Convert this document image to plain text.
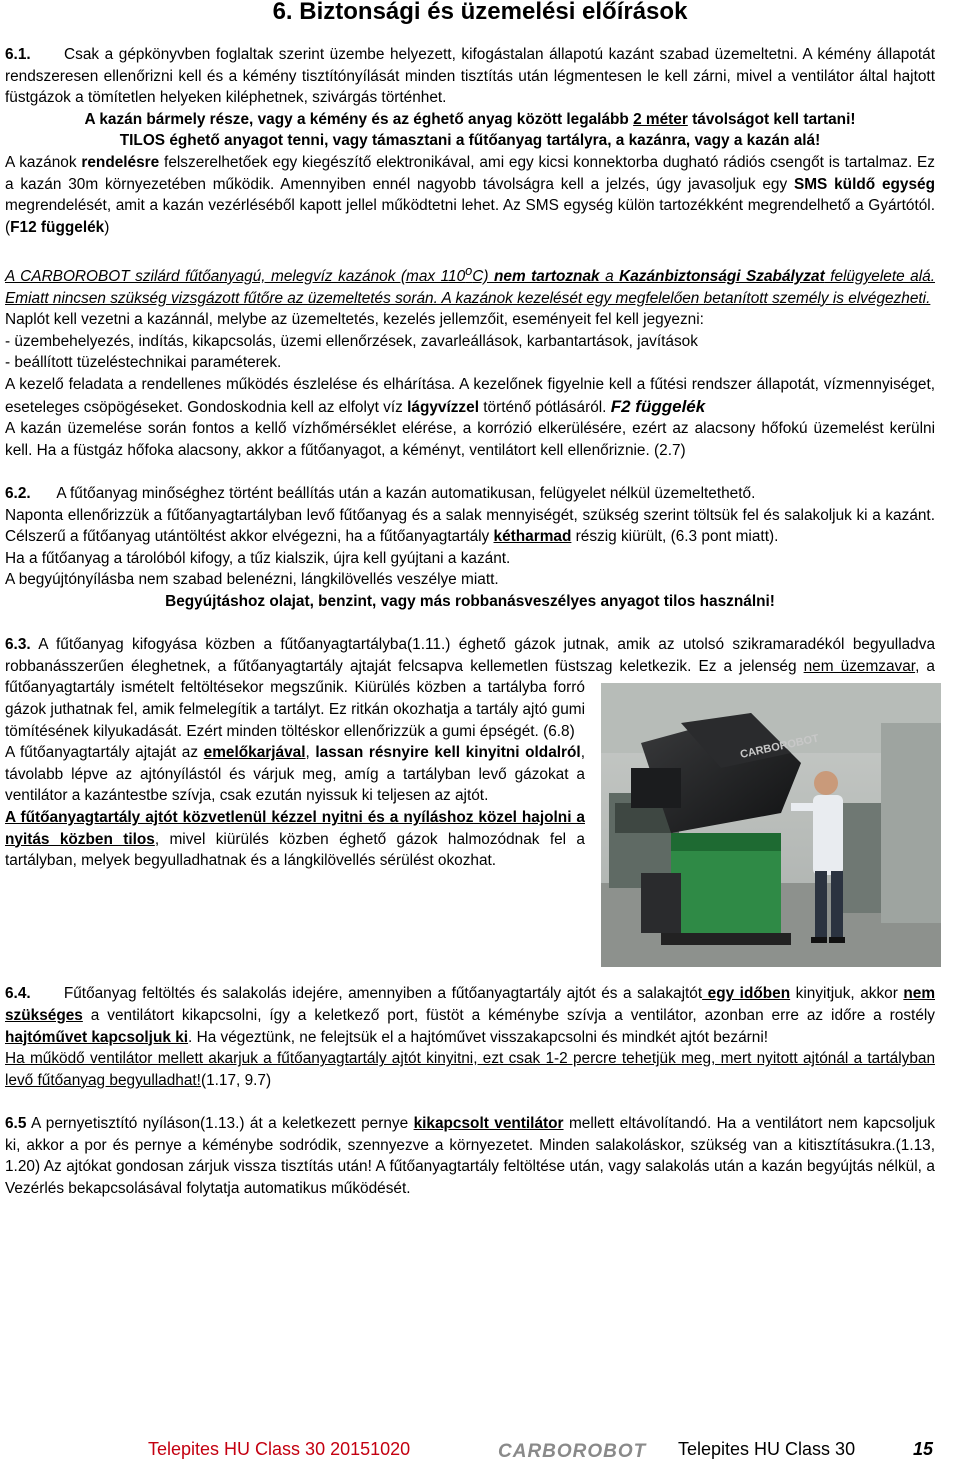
6. Biztonsági és üzemelési előírások

6.1. Csak a gépkönyvben foglaltak szerint üzembe helyezett, kifogástalan állapotú kazánt szabad üzemeltetni. A kémény állapotát rendszeresen ellenőrizni kell és a kémény tisztítónyílását minden tisztítás után légmentesen le kell zárni, mivel a ventilátor által hajtott füstgázok a tömítetlen helyeken kiléphetnek, szivárgás történhet.

A kazán bármely része, vagy a kémény és az éghető anyag között legalább 2 méter távolságot kell tartani!

TILOS éghető anyagot tenni, vagy támasztani a fűtőanyag tartályra, a kazánra, vagy a kazán alá!

A kazánok rendelésre felszerelhetőek egy kiegészítő elektronikával, ami egy kicsi konnektorba dugható rádiós csengőt is tartalmaz. Ez a kazán 30m környezetében működik. Amennyiben ennél nagyobb távolságra kell a jelzés, úgy javasoljuk egy SMS küldő egység megrendelését, amit a kazán vezérléséből kapott jellel működtetni lehet. Az SMS egység külön tartozékként megrendelhető a Gyártótól. (F12 függelék)

A CARBOROBOT szilárd fűtőanyagú, melegvíz kazánok (max 110$^o$C) nem tartoznak a Kazánbiztonsági Szabályzat felügyelete alá. Emiatt nincsen szükség vizsgázott fűtőre az üzemeltetés során. A kazánok kezelését egy megfelelően betanított személy is elvégezheti.

Naplót kell vezetni a kazánnál, melybe az üzemeltetés, kezelés jellemzőit, eseményeit fel kell jegyezni:

- üzembehelyezés, indítás, kikapcsolás, üzemi ellenőrzések, zavarleállások, karbantartások, javítások

- beállított tüzeléstechnikai paraméterek.

A kezelő feladata a rendellenes működés észlelése és elhárítása. A kezelőnek figyelnie kell a fűtési rendszer állapotát, vízmennyiséget, eseteleges csöpögéseket. Gondoskodnia kell az elfolyt víz lágyvízzel történő pótlásáról. F2 függelék

A kazán üzemelése során fontos a kellő vízhőmérséklet elérése, a korrózió elkerülésére, ezért az alacsony hőfokú üzemelést kerülni kell. Ha a füstgáz hőfoka alacsony, akkor a fűtőanyagot, a kéményt, ventilátort kell ellenőriznie. (2.7)

6.2. A fűtőanyag minőséghez történt beállítás után a kazán automatikusan, felügyelet nélkül üzemeltethető.

Naponta ellenőrizzük a fűtőanyagtartályban levő fűtőanyag és a salak mennyiségét, szükség szerint töltsük fel és salakoljuk ki a kazánt. Célszerű a fűtőanyag utántöltést akkor elvégezni, ha a fűtőanyagtartály kétharmad részig kiürült, (6.3 pont miatt).

Ha a fűtőanyag a tárolóból kifogy, a tűz kialszik, újra kell gyújtani a kazánt.

A begyújtónyílásba nem szabad belenézni, lángkilövellés veszélye miatt.

Begyújtáshoz olajat, benzint, vagy más robbanásveszélyes anyagot tilos használni!

6.3. A fűtőanyag kifogyása közben a fűtőanyagtartályba(1.11.) éghető gázok jutnak, amik az utolsó szikramaradékól begyulladva robbanásszerűen éleghetnek, a fűtőanyagtartály ajtaját felcsapva kellemetlen füstszag keletkezik. Ez a jelenség
CARBOROBOT
nem üzemzavar, a fűtőanyagtartály ismételt feltöltésekor megszűnik. Kiürülés közben a tartályba forró gázok juthatnak fel, amik felmelegítik a tartályt. Ez ritkán okozhatja a tartály ajtó gumi tömítésének kilyukadását. Ezért minden töltéskor ellenőrizzük a gumi épségét. (6.8)

A fűtőanyagtartály ajtaját az emelőkarjával, lassan résnyire kell kinyitni oldalról, távolabb lépve az ajtónyílástól és várjuk meg, amíg a tartályban levő gázokat a ventilátor a kazántestbe szívja, csak ezután nyissuk ki teljesen az ajtót.

A fűtőanyagtartály ajtót közvetlenül kézzel nyitni és a nyíláshoz közel hajolni a nyitás közben tilos, mivel kiürülés közben éghető gázok halmozódnak fel a tartályban, melyek begyulladhatnak és a lángkilövellés sérülést okozhat.

6.4. Fűtőanyag feltöltés és salakolás idejére, amennyiben a fűtőanyagtartály ajtót és a salakajtót egy időben kinyitjuk, akkor nem szükséges a ventilátort kikapcsolni, így a keletkező port, füstöt a kéménybe szívja a ventilátor, azonban erre az időre a rostély hajtóművet kapcsoljuk ki. Ha végeztünk, ne felejtsük el a hajtóművet visszakapcsolni és mindkét ajtót bezárni!

Ha működő ventilátor mellett akarjuk a fűtőanyagtartály ajtót kinyitni, ezt csak 1-2 percre tehetjük meg, mert nyitott ajtónál a tartályban levő fűtőanyag begyulladhat!(1.17, 9.7)

6.5 A pernyetisztító nyíláson(1.13.) át a keletkezett pernye kikapcsolt ventilátor mellett eltávolítandó. Ha a ventilátort nem kapcsoljuk ki, akkor a por és pernye a kéménybe sodródik, szennyezve a környezetet. Minden salakoláskor, szükség van a kitisztításukra.(1.13, 1.20) Az ajtókat gondosan zárjuk vissza tisztítás után! A fűtőanyagtartály feltöltése után, vagy salakolás után a kazán begyújtás nélkül, a Vezérlés bekapcsolásával folytatja automatikus működését.

Telepites HU Class 30 20151020	CARBOROBOT Telepites HU Class 30	15
